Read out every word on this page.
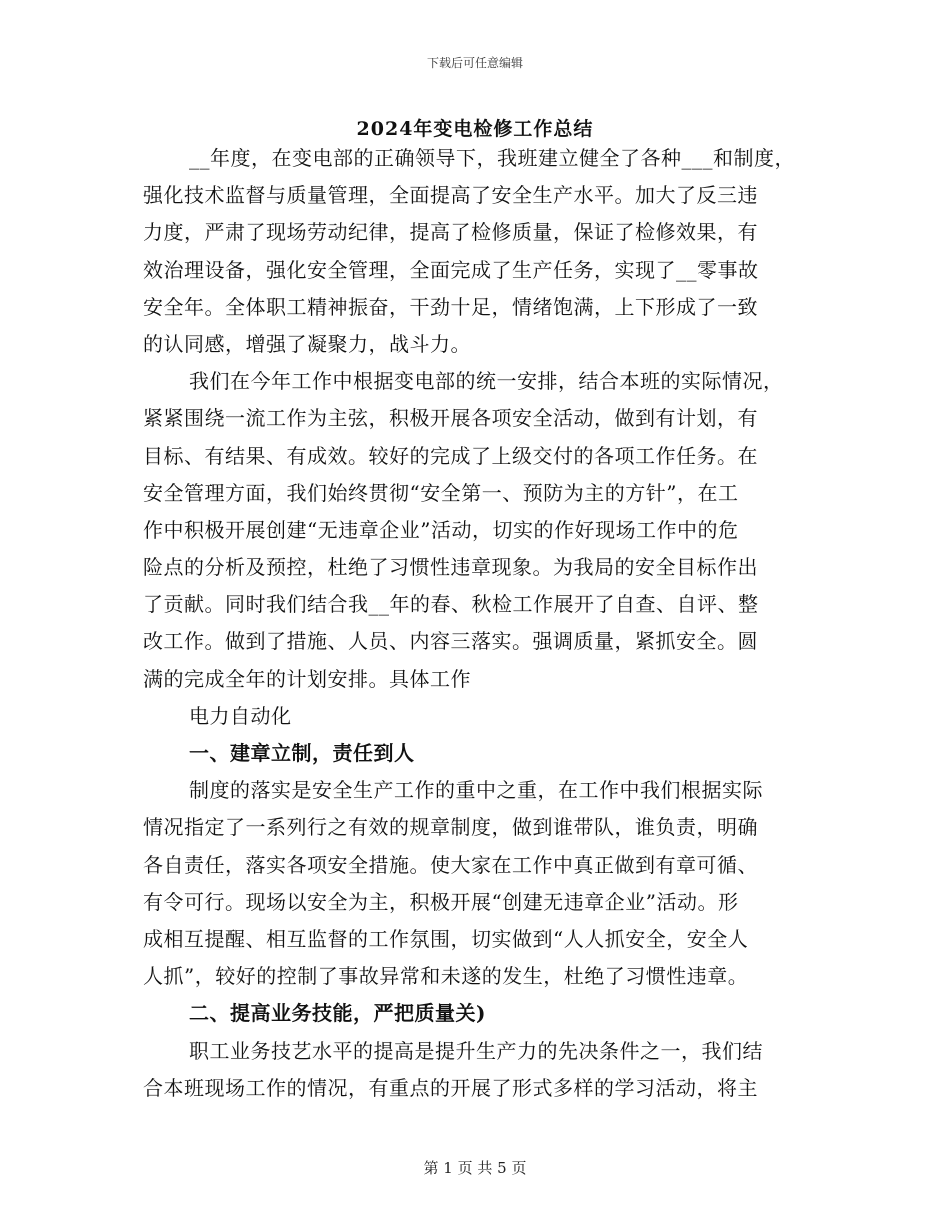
下载后可任意编辑
2024年变电检修工作总结
__年度，在变电部的正确领导下，我班建立健全了各种___和制度，
强化技术监督与质量管理，全面提高了安全生产水平。加大了反三违
力度，严肃了现场劳动纪律，提高了检修质量，保证了检修效果，有
效治理设备，强化安全管理，全面完成了生产任务，实现了__零事故
安全年。全体职工精神振奋，干劲十足，情绪饱满，上下形成了一致
的认同感，增强了凝聚力，战斗力。
我们在今年工作中根据变电部的统一安排，结合本班的实际情况，
紧紧围绕一流工作为主弦，积极开展各项安全活动，做到有计划，有
目标、有结果、有成效。较好的完成了上级交付的各项工作任务。在
安全管理方面，我们始终贯彻“安全第一、预防为主的方针”，在工
作中积极开展创建“无违章企业”活动，切实的作好现场工作中的危
险点的分析及预控，杜绝了习惯性违章现象。为我局的安全目标作出
了贡献。同时我们结合我__年的春、秋检工作展开了自查、自评、整
改工作。做到了措施、人员、内容三落实。强调质量，紧抓安全。圆
满的完成全年的计划安排。具体工作
电力自动化
一、建章立制，责任到人
制度的落实是安全生产工作的重中之重，在工作中我们根据实际
情况指定了一系列行之有效的规章制度，做到谁带队，谁负责，明确
各自责任，落实各项安全措施。使大家在工作中真正做到有章可循、
有令可行。现场以安全为主，积极开展“创建无违章企业”活动。形
成相互提醒、相互监督的工作氛围，切实做到“人人抓安全，安全人
人抓”，较好的控制了事故异常和未遂的发生，杜绝了习惯性违章。
二、提高业务技能，严把质量关)
职工业务技艺水平的提高是提升生产力的先决条件之一，我们结
合本班现场工作的情况，有重点的开展了形式多样的学习活动，将主
第 1 页 共 5 页
